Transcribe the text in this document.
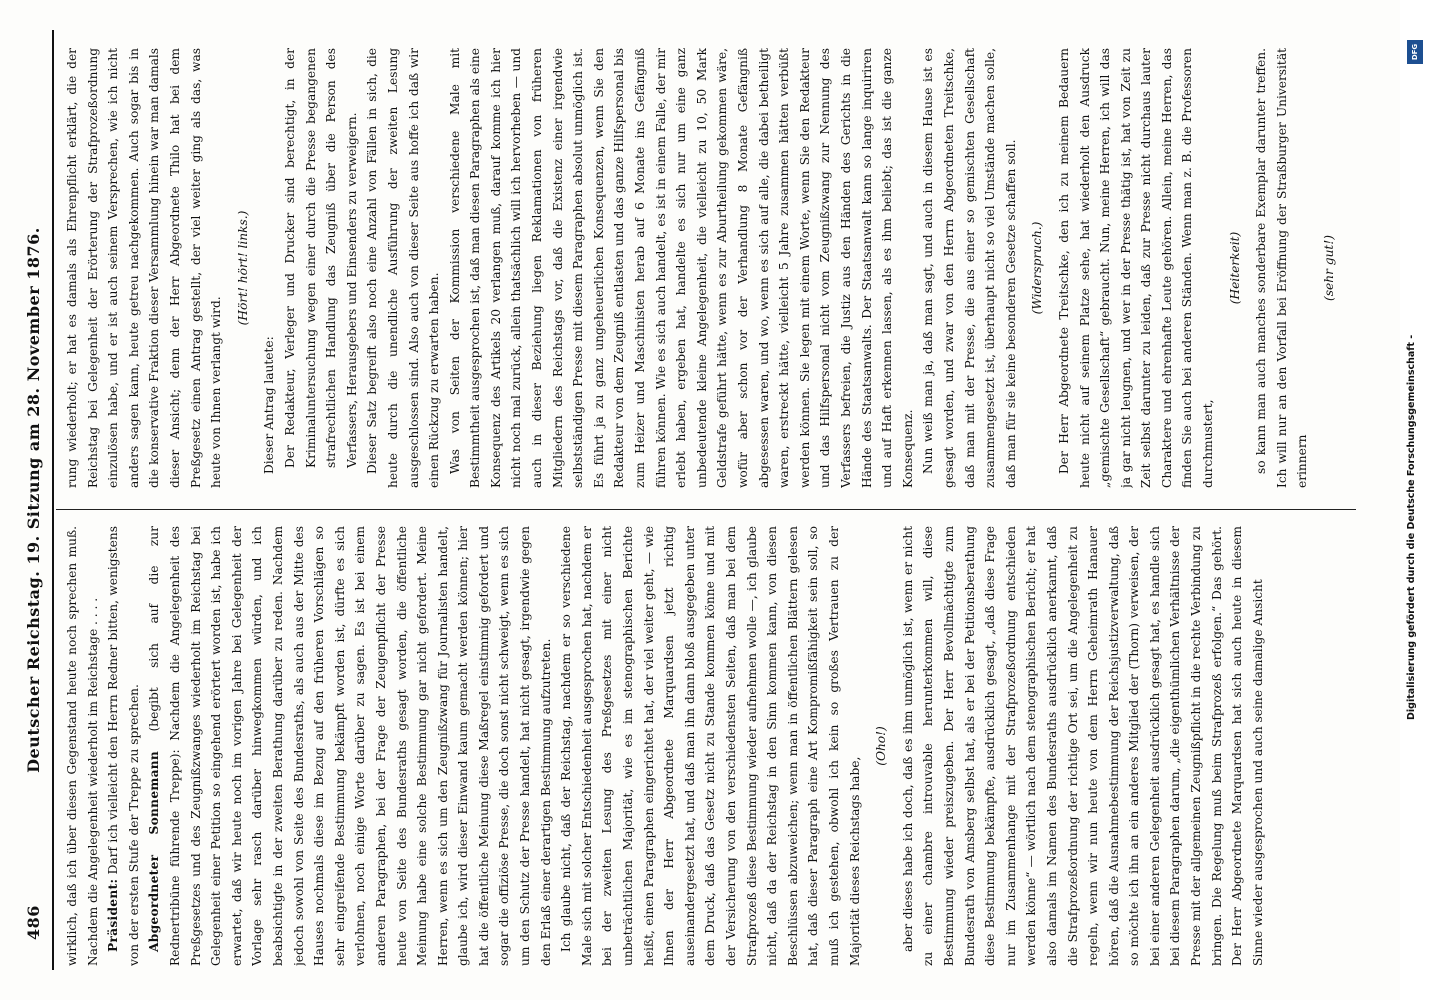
486
Deutscher Reichstag. 19. Sitzung am 28. November 1876. wirklich, daß ich über diesen Gegenstand heute noch sprechen muß. Nachdem die Angelegenheit wiederholt im Reichstage . . . . Präsident: Darf ich vielleicht den Herrn Redner bitten, wenigstens von der ersten Stufe der Treppe zu sprechen. Abgeordneter Sonnemann (begibt sich auf die zur Rednertribüne führende Treppe): Nachdem die Angelegenheit des Preßgesetzes und des Zeugnißzwanges wiederholt im Reichstag bei Gelegenheit einer Petition so eingehend erörtert worden ist, habe ich erwartet, daß wir heute noch im vorigen Jahre bei Gelegenheit der Vorlage sehr rasch darüber hinwegkommen würden, und ich beabsichtigte in der zweiten Berathung darüber zu reden. Nachdem jedoch sowohl von Seite des Bundesraths, als auch aus der Mitte des Hauses nochmals diese im Bezug auf den früheren Vorschlägen so sehr eingreifende Bestimmung bekämpft worden ist, dürfte es sich verlohnen, noch einige Worte darüber zu sagen. Es ist bei einem anderen Paragraphen, bei der Frage der Zeugenpflicht der Presse heute von Seite des Bundesraths gesagt worden, die öffentliche Meinung habe eine solche Bestimmung gar nicht gefordert. Meine Herren, wenn es sich um den Zeugnißzwang für Journalisten handelt, glaube ich, wird dieser Einwand kaum gemacht werden können; hier hat die öffentliche Meinung diese Maßregel einstimmig gefordert und sogar die offiziöse Presse, die doch sonst nicht schweigt, wenn es sich um den Schutz der Presse handelt, hat nicht gesagt, irgendwie gegen den Erlaß einer derartigen Bestimmung aufzutreten. Ich glaube nicht, daß der Reichstag, nachdem er so verschiedene Male sich mit solcher Entschiedenheit ausgesprochen hat, nachdem er bei der zweiten Lesung des Preßgesetzes mit einer nicht unbeträchtlichen Majorität, wie es im stenographischen Berichte heißt, einen Paragraphen eingerichtet hat, der viel weiter geht, — wie Ihnen der Herr Abgeordnete Marquardsen jetzt richtig auseinandergesetzt hat, und daß man ihn dann bloß ausgegeben unter dem Druck, daß das Gesetz nicht zu Stande kommen könne und mit der Versicherung von den verschiedensten Seiten, daß man bei dem Strafprozeß diese Bestimmung wieder aufnehmen wolle —, ich glaube nicht, daß da der Reichstag in den Sinn kommen kann, von diesen Beschlüssen abzuweichen; wenn man in öffentlichen Blättern gelesen hat, daß dieser Paragraph eine Art Kompromißfähigkeit sein soll, so muß ich gestehen, obwohl ich kein so großes Vertrauen zu der Majorität dieses Reichstags habe,

(Oho!) aber dieses habe ich doch, daß es ihm unmöglich ist, wenn er nicht zu einer chambre introuvable herunterkommen will, diese Bestimmung wieder preiszugeben. Der Herr Bevollmächtigte zum Bundesrath von Amsberg selbst hat, als er bei der Petitionsberathung diese Bestimmung bekämpfte, ausdrücklich gesagt, „daß diese Frage nur im Zusammenhange mit der Strafprozeßordnung entschieden werden könne“ — wörtlich nach dem stenographischen Bericht; er hat also damals im Namen des Bundesraths ausdrücklich anerkannt, daß die Strafprozeßordnung der richtige Ort sei, um die Angelegenheit zu regeln, wenn wir nun heute von dem Herrn Geheimrath Hanauer hören, daß die Ausnahmebestimmung der Reichsjustizverwaltung, daß so möchte ich ihn an ein anderes Mitglied der (Thorn) verweisen, der bei einer anderen Gelegenheit ausdrücklich gesagt hat, es handle sich bei diesem Paragraphen darum, „die eigenthümlichen Verhältnisse der Presse mit der allgemeinen Zeugnißpflicht in die rechte Verbindung zu bringen. Die Regelung muß beim Strafprozeß erfolgen.“ Das gehört. Der Herr Abgeordnete Marquardsen hat sich auch heute in diesem Sinne wieder ausgesprochen und auch seine damalige Ansicht

rung wiederholt; er hat es damals als Ehrenpflicht erklärt, die der Reichstag bei Gelegenheit der Erörterung der Strafprozeßordnung einzulösen habe, und er ist auch seinem Versprechen, wie ich nicht anders sagen kann, heute getreu nachgekommen. Auch sogar bis in die konservative Fraktion dieser Versammlung hinein war man damals dieser Ansicht; denn der Herr Abgeordnete Thilo hat bei dem Preßgesetz einen Antrag gestellt, der viel weiter ging als das, was heute von Ihnen verlangt wird.

(Hört! hört! links.)

Dieser Antrag lautete: Der Redakteur, Verleger und Drucker sind berechtigt, in der Kriminaluntersuchung wegen einer durch die Presse begangenen strafrechtlichen Handlung das Zeugniß über die Person des Verfassers, Herausgebers und Einsenders zu verweigern. Dieser Satz begreift also noch eine Anzahl von Fällen in sich, die heute durch die unendliche Ausführung der zweiten Lesung ausgeschlossen sind. Also auch von dieser Seite aus hoffe ich daß wir einen Rückzug zu erwarten haben. Was von Seiten der Kommission verschiedene Male mit Bestimmtheit ausgesprochen ist, daß man diesen Paragraphen als eine Konsequenz des Artikels 20 verlangen muß, darauf komme ich hier nicht noch mal zurück, allein thatsächlich will ich hervorheben — und auch in dieser Beziehung liegen Reklamationen von früheren Mitgliedern des Reichstags vor, daß die Existenz einer irgendwie selbstständigen Presse mit diesem Paragraphen absolut unmöglich ist. Es führt ja zu ganz ungeheuerlichen Konsequenzen, wenn Sie den Redakteur von dem Zeugniß entlasten und das ganze Hilfspersonal bis zum Heizer und Maschinisten herab auf 6 Monate ins Gefängniß führen können. Wie es sich auch handelt, es ist in einem Falle, der mir erlebt haben, ergeben hat, handelte es sich nur um eine ganz unbedeutende kleine Angelegenheit, die vielleicht zu 10, 50 Mark Geldstrafe geführt hätte, wenn es zur Aburtheilung gekommen wäre, wofür aber schon vor der Verhandlung 8 Monate Gefängniß abgesessen waren, und wo, wenn es sich auf alle, die dabei betheiligt waren, erstreckt hätte, vielleicht 5 Jahre zusammen hätten verbüßt werden können. Sie legen mit einem Worte, wenn Sie den Redakteur und das Hilfspersonal nicht vom Zeugnißzwang zur Nennung des Verfassers befreien, die Justiz aus den Händen des Gerichts in die Hände des Staatsanwalts. Der Staatsanwalt kann so lange inquiriren und auf Haft erkennen lassen, als es ihm beliebt; das ist die ganze Konsequenz. Nun weiß man ja, daß man sagt, und auch in diesem Hause ist es gesagt worden, und zwar von den Herrn Abgeordneten Treitschke, daß man mit der Presse, die aus einer so gemischten Gesellschaft zusammengesetzt ist, überhaupt nicht so viel Umstände machen solle, daß man für sie keine besonderen Gesetze schaffen soll. (Widerspruch.) Der Herr Abgeordnete Treitschke, den ich zu meinem Bedauern heute nicht auf seinem Platze sehe, hat wiederholt den Ausdruck „gemischte Gesellschaft“ gebraucht. Nun, meine Herren, ich will das ja gar nicht leugnen, und wer in der Presse thätig ist, hat von Zeit zu Zeit selbst darunter zu leiden, daß zur Presse nicht durchaus lauter Charaktere und ehrenhafte Leute gehören. Allein, meine Herren, das finden Sie auch bei anderen Ständen. Wenn man z. B. die Professoren durchmustert,

(Heiterkeit) so kann man auch manches sonderbare Exemplar darunter treffen. Ich will nur an den Vorfall bei Eröffnung der Straßburger Universität erinnern

(sehr gut!)

DFG
Digitalisierung gefördert durch die Deutsche Forschungsgemeinschaft -
